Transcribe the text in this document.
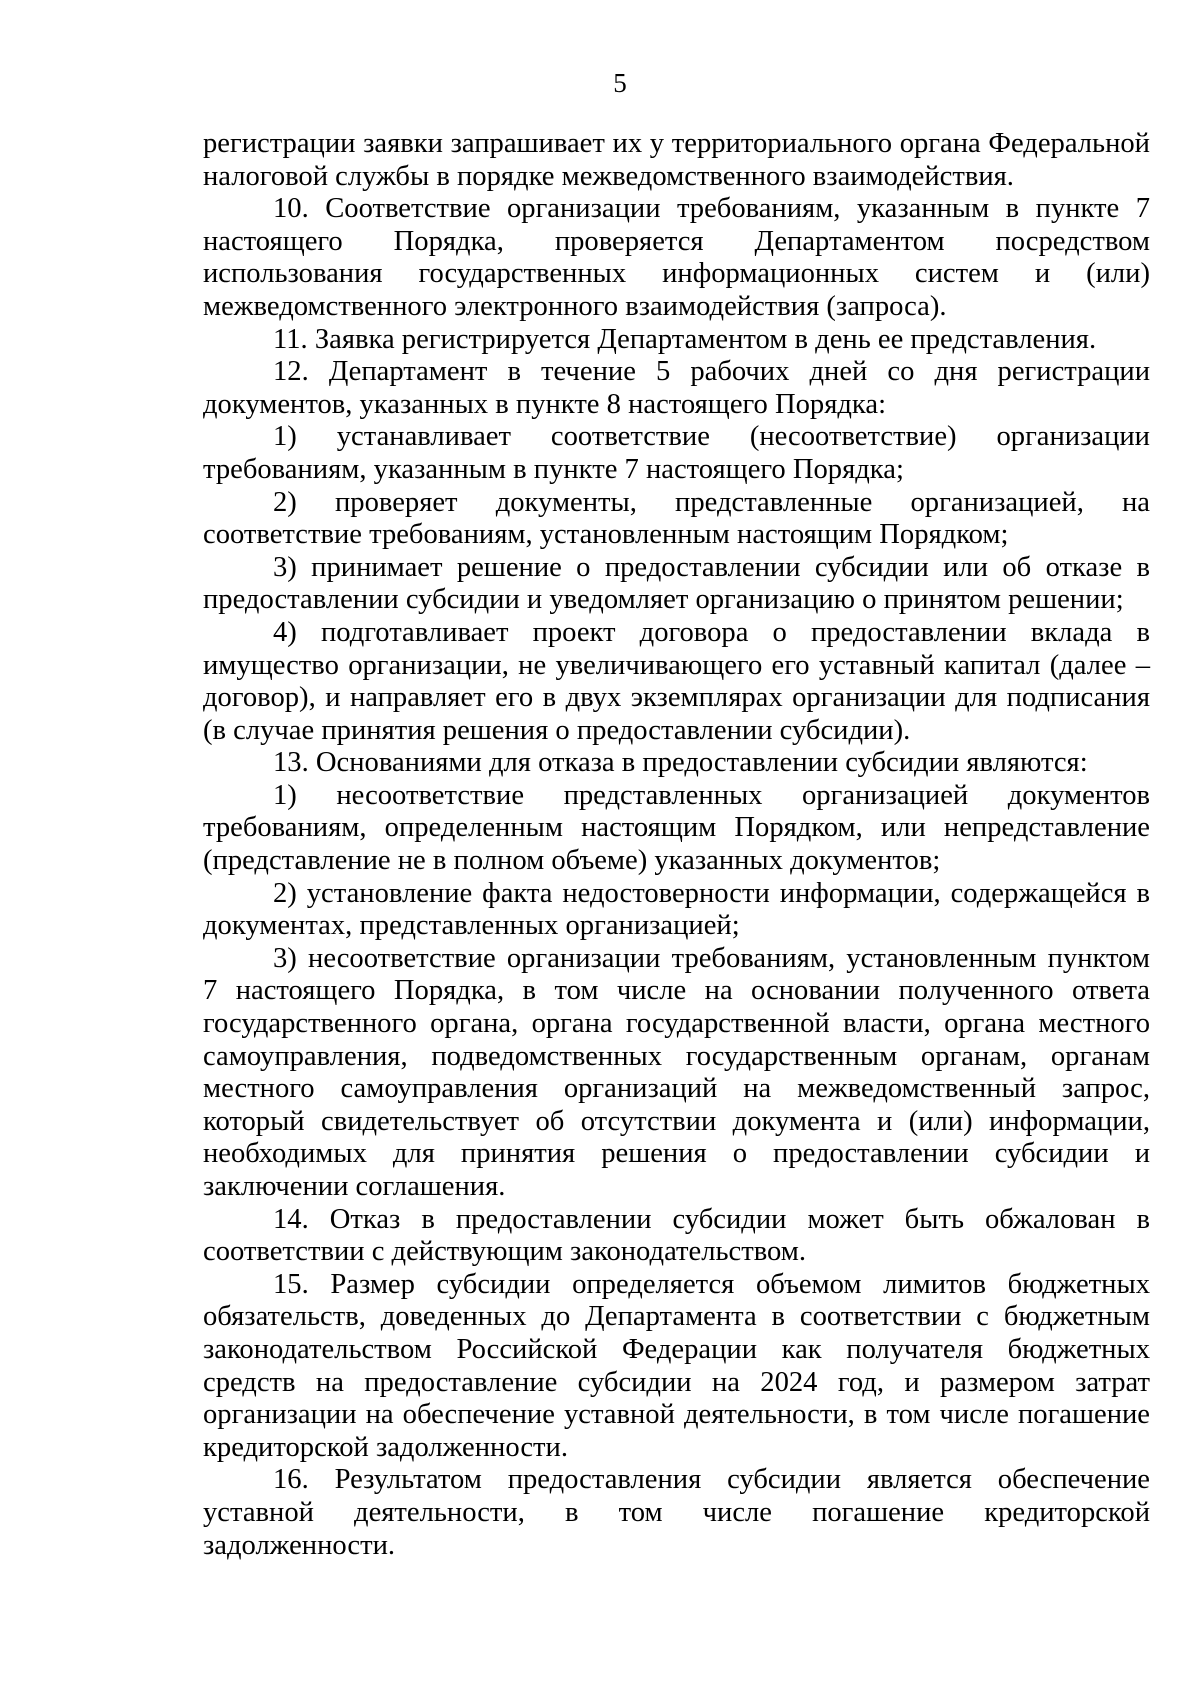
5

регистрации заявки запрашивает их у территориального органа Федеральной налоговой службы в порядке межведомственного взаимодействия.

10. Соответствие организации требованиям, указанным в пункте 7 настоящего Порядка, проверяется Департаментом посредством использования государственных информационных систем и (или) межведомственного электронного взаимодействия (запроса).

11. Заявка регистрируется Департаментом в день ее представления.

12. Департамент в течение 5 рабочих дней со дня регистрации документов, указанных в пункте 8 настоящего Порядка:

1) устанавливает соответствие (несоответствие) организации требованиям, указанным в пункте 7 настоящего Порядка;

2) проверяет документы, представленные организацией, на соответствие требованиям, установленным настоящим Порядком;

3) принимает решение о предоставлении субсидии или об отказе в предоставлении субсидии и уведомляет организацию о принятом решении;

4) подготавливает проект договора о предоставлении вклада в имущество организации, не увеличивающего его уставный капитал (далее – договор), и направляет его в двух экземплярах организации для подписания (в случае принятия решения о предоставлении субсидии).

13. Основаниями для отказа в предоставлении субсидии являются:

1) несоответствие представленных организацией документов требованиям, определенным настоящим Порядком, или непредставление (представление не в полном объеме) указанных документов;

2) установление факта недостоверности информации, содержащейся в документах, представленных организацией;

3) несоответствие организации требованиям, установленным пунктом 7 настоящего Порядка, в том числе на основании полученного ответа государственного органа, органа государственной власти, органа местного самоуправления, подведомственных государственным органам, органам местного самоуправления организаций на межведомственный запрос, который свидетельствует об отсутствии документа и (или) информации, необходимых для принятия решения о предоставлении субсидии и заключении соглашения.

14. Отказ в предоставлении субсидии может быть обжалован в соответствии с действующим законодательством.

15. Размер субсидии определяется объемом лимитов бюджетных обязательств, доведенных до Департамента в соответствии с бюджетным законодательством Российской Федерации как получателя бюджетных средств на предоставление субсидии на 2024 год, и размером затрат организации на обеспечение уставной деятельности, в том числе погашение кредиторской задолженности.

16. Результатом предоставления субсидии является обеспечение уставной деятельности, в том числе погашение кредиторской задолженности.
